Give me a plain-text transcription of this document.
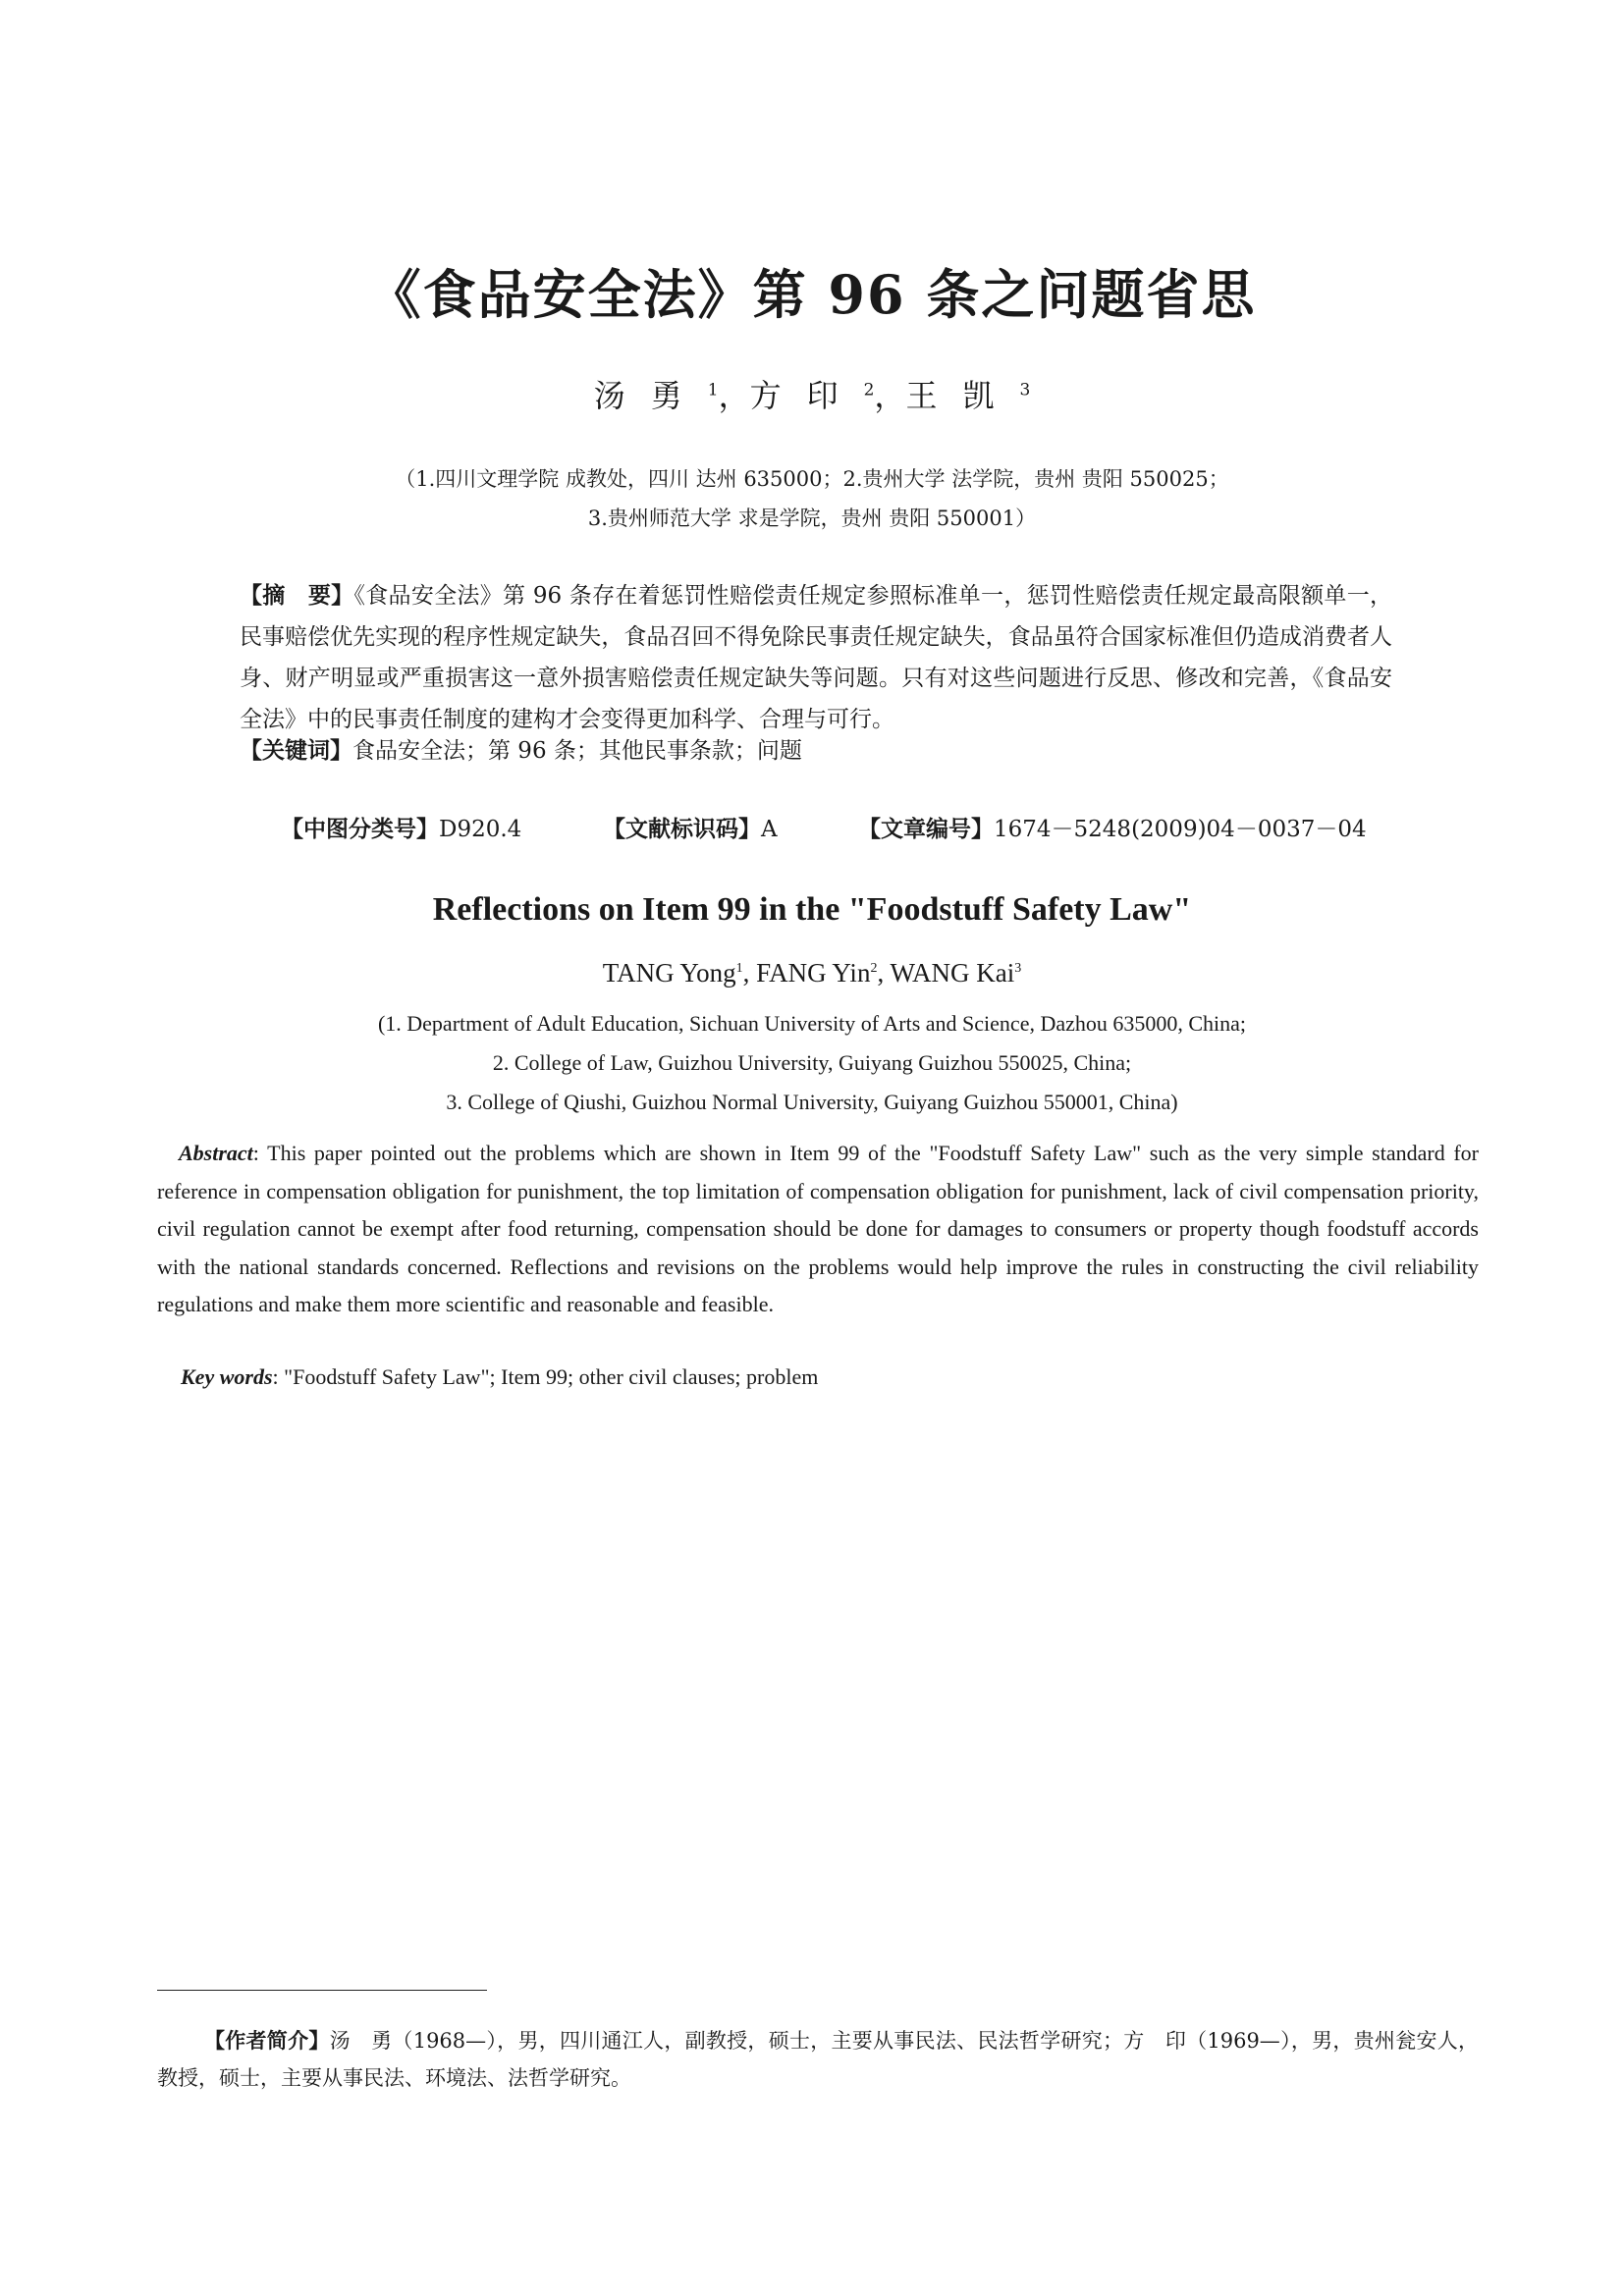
《食品安全法》第 96 条之问题省思
汤勇$^1$，方印$^2$，王凯$^3$
（1.四川文理学院 成教处，四川 达州 635000；2.贵州大学 法学院，贵州 贵阳 550025；
3.贵州师范大学 求是学院，贵州 贵阳 550001）
【摘　要】《食品安全法》第 96 条存在着惩罚性赔偿责任规定参照标准单一，惩罚性赔偿责任规定最高限额单一，民事赔偿优先实现的程序性规定缺失，食品召回不得免除民事责任规定缺失，食品虽符合国家标准但仍造成消费者人身、财产明显或严重损害这一意外损害赔偿责任规定缺失等问题。只有对这些问题进行反思、修改和完善，《食品安全法》中的民事责任制度的建构才会变得更加科学、合理与可行。
【关键词】食品安全法；第 96 条；其他民事条款；问题
【中图分类号】D920.4	【文献标识码】A	【文章编号】1674－5248(2009)04－0037－04
Reflections on Item 99 in the "Foodstuff Safety Law"
TANG Yong$^1$, FANG Yin$^2$, WANG Kai$^3$
(1. Department of Adult Education, Sichuan University of Arts and Science, Dazhou 635000, China;
2. College of Law, Guizhou University, Guiyang Guizhou 550025, China;
3. College of Qiushi, Guizhou Normal University, Guiyang Guizhou 550001, China)
 Abstract: This paper pointed out the problems which are shown in Item 99 of the "Foodstuff Safety Law" such as the very simple standard for reference in compensation obligation for punishment, the top limitation of compensation obligation for punishment, lack of civil compensation priority, civil regulation cannot be exempt after food returning, compensation should be done for damages to consumers or property though foodstuff accords with the national standards concerned. Reflections and revisions on the problems would help improve the rules in constructing the civil reliability regulations and make them more scientific and reasonable and feasible.
Key words: "Foodstuff Safety Law"; Item 99; other civil clauses; problem
【作者简介】汤　勇（1968—），男，四川通江人，副教授，硕士，主要从事民法、民法哲学研究；方　印（1969—），男，贵州瓮安人，教授，硕士，主要从事民法、环境法、法哲学研究。
